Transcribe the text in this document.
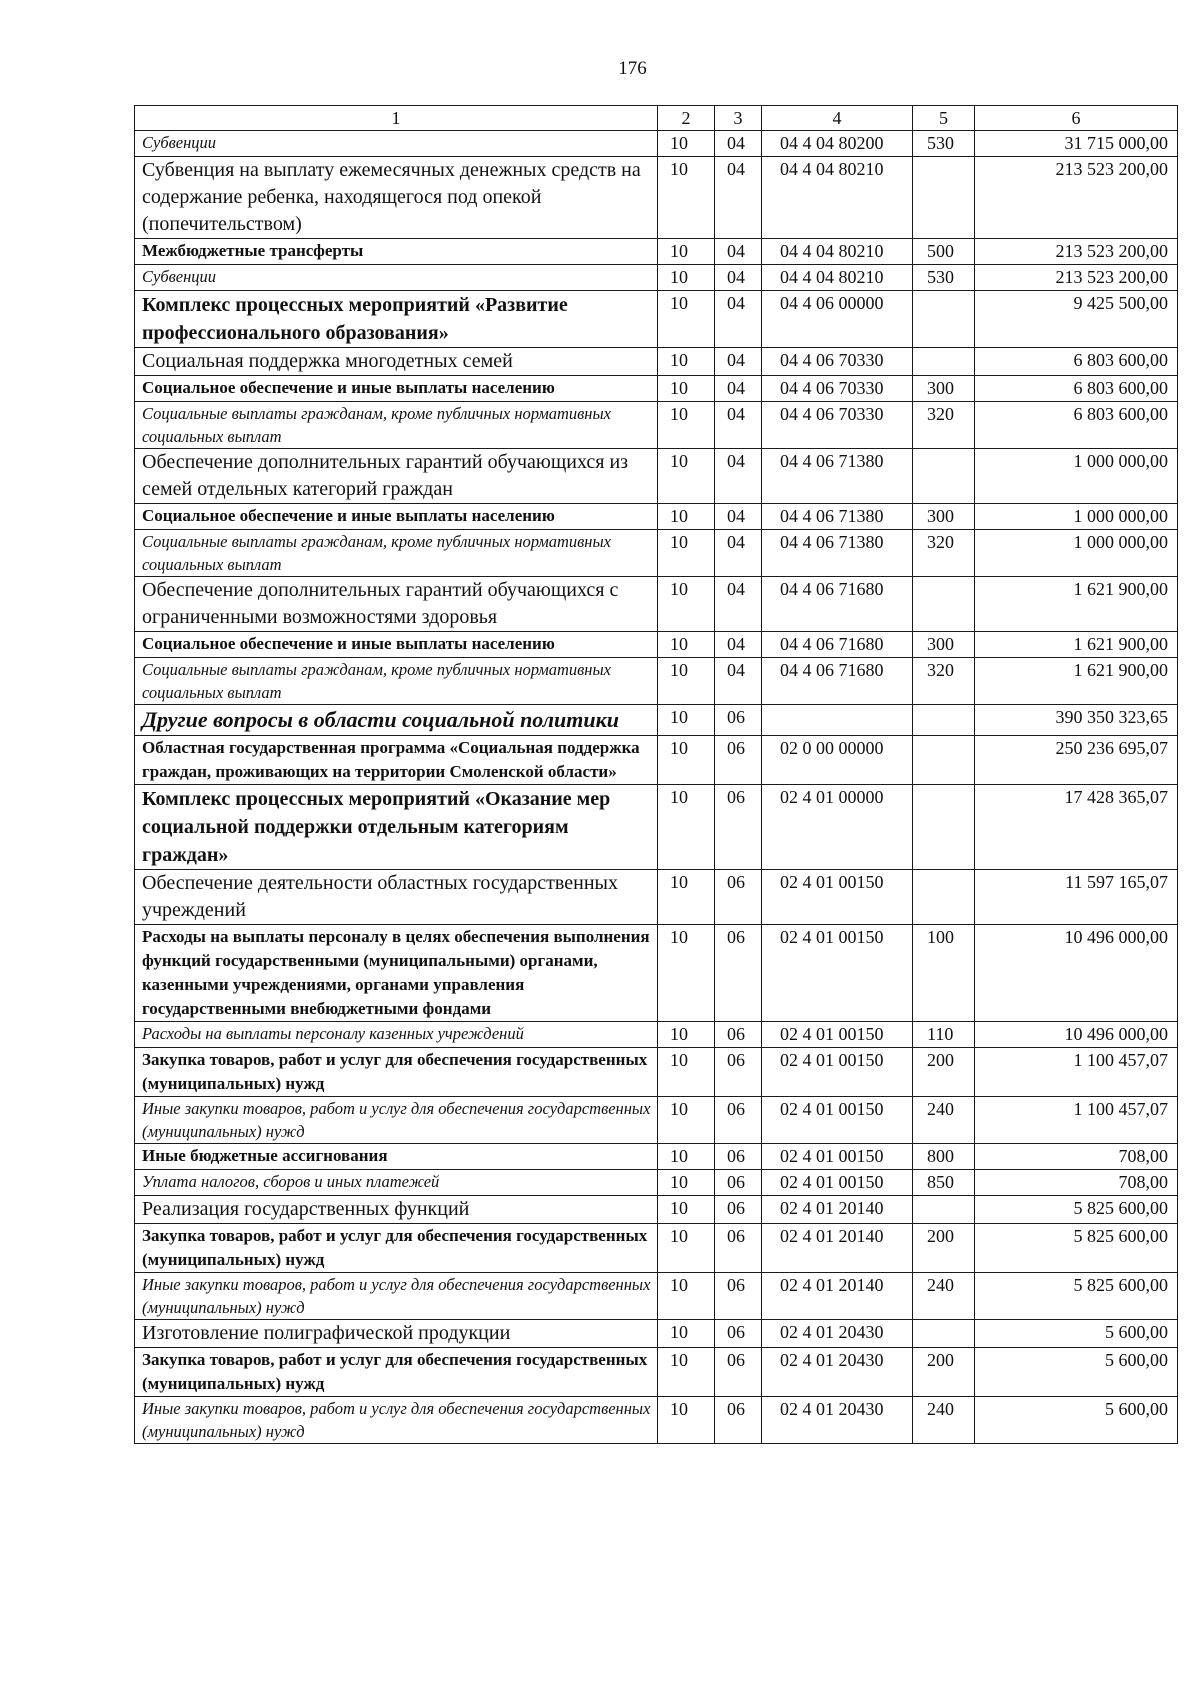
176
1	2	3	4	5	6
Субвенции	10	04	04 4 04 80200	530	31 715 000,00
Субвенция на выплату ежемесячных денежных средств на содержание ребенка, находящегося под опекой (попечительством)	10	04	04 4 04 80210		213 523 200,00
Межбюджетные трансферты	10	04	04 4 04 80210	500	213 523 200,00
Субвенции	10	04	04 4 04 80210	530	213 523 200,00
Комплекс процессных мероприятий «Развитие профессионального образования»	10	04	04 4 06 00000		9 425 500,00
Социальная поддержка многодетных семей	10	04	04 4 06 70330		6 803 600,00
Социальное обеспечение и иные выплаты населению	10	04	04 4 06 70330	300	6 803 600,00
Социальные выплаты гражданам, кроме публичных нормативных социальных выплат	10	04	04 4 06 70330	320	6 803 600,00
Обеспечение дополнительных гарантий обучающихся из семей отдельных категорий граждан	10	04	04 4 06 71380		1 000 000,00
Социальное обеспечение и иные выплаты населению	10	04	04 4 06 71380	300	1 000 000,00
Социальные выплаты гражданам, кроме публичных нормативных социальных выплат	10	04	04 4 06 71380	320	1 000 000,00
Обеспечение дополнительных гарантий обучающихся с ограниченными возможностями здоровья	10	04	04 4 06 71680		1 621 900,00
Социальное обеспечение и иные выплаты населению	10	04	04 4 06 71680	300	1 621 900,00
Социальные выплаты гражданам, кроме публичных нормативных социальных выплат	10	04	04 4 06 71680	320	1 621 900,00
Другие вопросы в области социальной политики	10	06			390 350 323,65
Областная государственная программа «Социальная поддержка граждан, проживающих на территории Смоленской области»	10	06	02 0 00 00000		250 236 695,07
Комплекс процессных мероприятий «Оказание мер социальной поддержки отдельным категориям граждан»	10	06	02 4 01 00000		17 428 365,07
Обеспечение деятельности областных государственных учреждений	10	06	02 4 01 00150		11 597 165,07
Расходы на выплаты персоналу в целях обеспечения выполнения функций государственными (муниципальными) органами, казенными учреждениями, органами управления государственными внебюджетными фондами	10	06	02 4 01 00150	100	10 496 000,00
Расходы на выплаты персоналу казенных учреждений	10	06	02 4 01 00150	110	10 496 000,00
Закупка товаров, работ и услуг для обеспечения государственных (муниципальных) нужд	10	06	02 4 01 00150	200	1 100 457,07
Иные закупки товаров, работ и услуг для обеспечения государственных (муниципальных) нужд	10	06	02 4 01 00150	240	1 100 457,07
Иные бюджетные ассигнования	10	06	02 4 01 00150	800	708,00
Уплата налогов, сборов и иных платежей	10	06	02 4 01 00150	850	708,00
Реализация государственных функций	10	06	02 4 01 20140		5 825 600,00
Закупка товаров, работ и услуг для обеспечения государственных (муниципальных) нужд	10	06	02 4 01 20140	200	5 825 600,00
Иные закупки товаров, работ и услуг для обеспечения государственных (муниципальных) нужд	10	06	02 4 01 20140	240	5 825 600,00
Изготовление полиграфической продукции	10	06	02 4 01 20430		5 600,00
Закупка товаров, работ и услуг для обеспечения государственных (муниципальных) нужд	10	06	02 4 01 20430	200	5 600,00
Иные закупки товаров, работ и услуг для обеспечения государственных (муниципальных) нужд	10	06	02 4 01 20430	240	5 600,00
